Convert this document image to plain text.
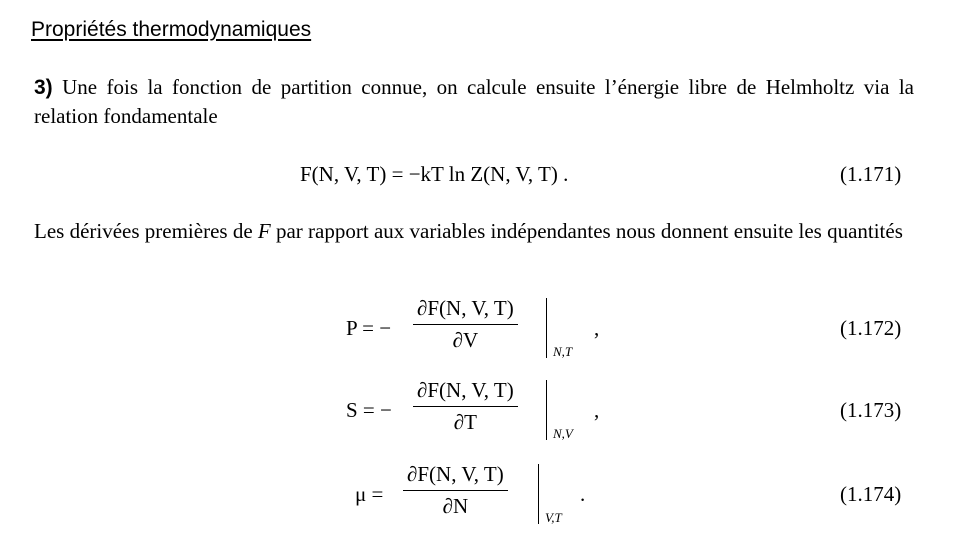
Propriétés thermodynamiques
3) Une fois la fonction de partition connue, on calcule ensuite l’énergie libre de Helmholtz via la relation fondamentale
F(N, V, T) = −kT ln Z(N, V, T) .	(1.171)
Les dérivées premières de F par rapport aux variables indépendantes nous donnent ensuite les quantités
P = −
∂F(N, V, T)
∂V	N,T
,	(1.172)
S = −
∂F(N, V, T)
∂T	N,V
,	(1.173)
μ =
∂F(N, V, T)
∂N	V,T
.	(1.174)
